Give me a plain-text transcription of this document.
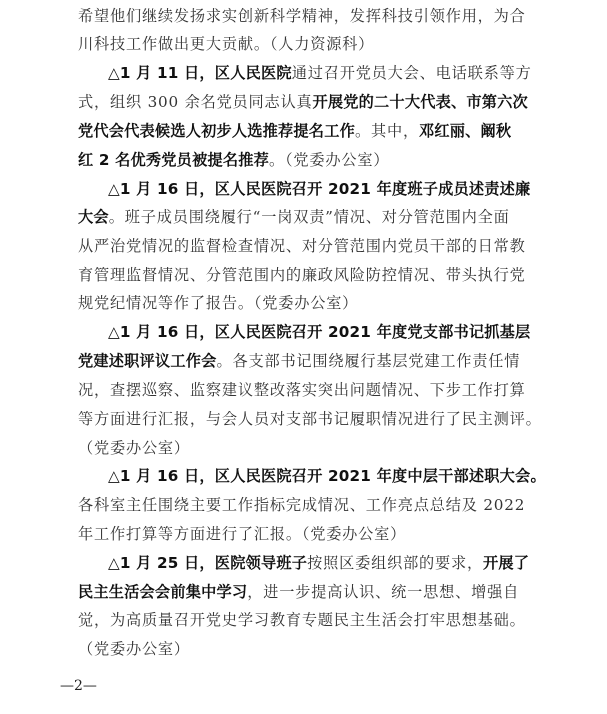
希望他们继续发扬求实创新科学精神，发挥科技引领作用，为合
川科技工作做出更大贡献。（人力资源科）
△1 月 11 日，区人民医院通过召开党员大会、电话联系等方
式，组织 300 余名党员同志认真开展党的二十大代表、市第六次
党代会代表候选人初步人选推荐提名工作。其中，邓红丽、阚秋
红 2 名优秀党员被提名推荐。（党委办公室）
△1 月 16 日，区人民医院召开 2021 年度班子成员述责述廉
大会。班子成员围绕履行“一岗双责”情况、对分管范围内全面
从严治党情况的监督检查情况、对分管范围内党员干部的日常教
育管理监督情况、分管范围内的廉政风险防控情况、带头执行党
规党纪情况等作了报告。（党委办公室）
△1 月 16 日，区人民医院召开 2021 年度党支部书记抓基层
党建述职评议工作会。各支部书记围绕履行基层党建工作责任情
况，查摆巡察、监察建议整改落实突出问题情况、下步工作打算
等方面进行汇报，与会人员对支部书记履职情况进行了民主测评。
（党委办公室）
△1 月 16 日，区人民医院召开 2021 年度中层干部述职大会。
各科室主任围绕主要工作指标完成情况、工作亮点总结及 2022
年工作打算等方面进行了汇报。（党委办公室）
△1 月 25 日，医院领导班子按照区委组织部的要求，开展了
民主生活会会前集中学习，进一步提高认识、统一思想、增强自
觉，为高质量召开党史学习教育专题民主生活会打牢思想基础。
（党委办公室）
—2—
